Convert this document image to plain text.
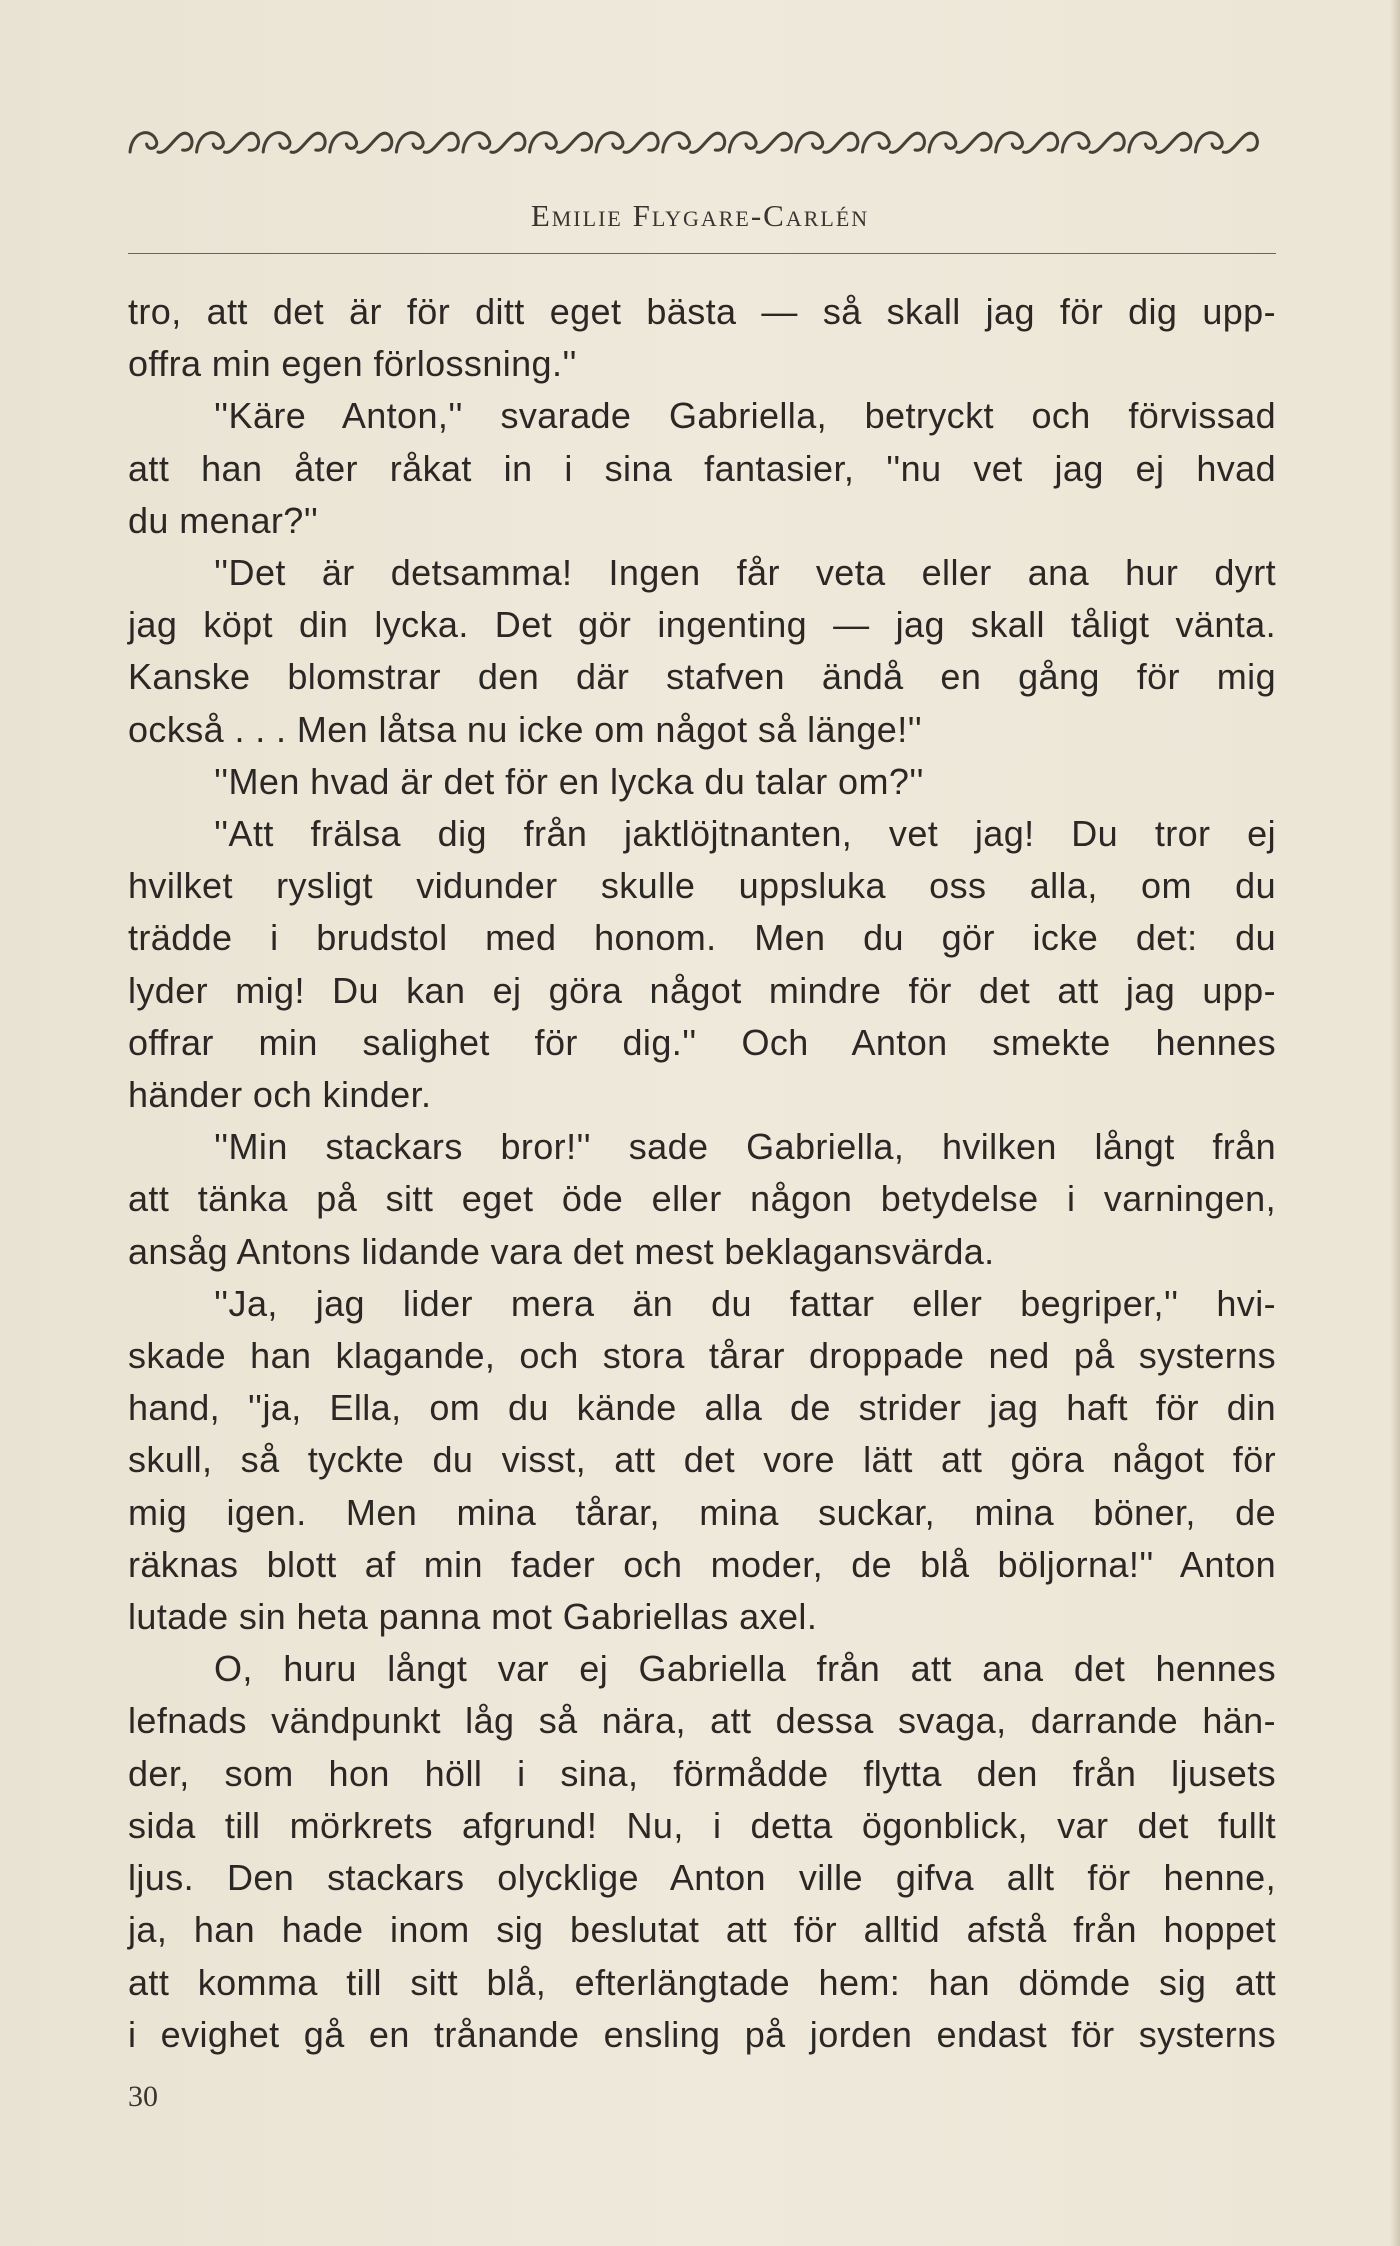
Emilie Flygare-Carlén
tro, att det är för ditt eget bästa — så skall jag för dig upp-
offra min egen förlossning.''
''Käre Anton,'' svarade Gabriella, betryckt och förvissad
att han åter råkat in i sina fantasier, ''nu vet jag ej hvad
du menar?''
''Det är detsamma! Ingen får veta eller ana hur dyrt
jag köpt din lycka. Det gör ingenting — jag skall tåligt vänta.
Kanske blomstrar den där stafven ändå en gång för mig
också . . . Men låtsa nu icke om något så länge!''
''Men hvad är det för en lycka du talar om?''
''Att frälsa dig från jaktlöjtnanten, vet jag! Du tror ej
hvilket rysligt vidunder skulle uppsluka oss alla, om du
trädde i brudstol med honom. Men du gör icke det: du
lyder mig! Du kan ej göra något mindre för det att jag upp-
offrar min salighet för dig.'' Och Anton smekte hennes
händer och kinder.
''Min stackars bror!'' sade Gabriella, hvilken långt från
att tänka på sitt eget öde eller någon betydelse i varningen,
ansåg Antons lidande vara det mest beklagansvärda.
''Ja, jag lider mera än du fattar eller begriper,'' hvi-
skade han klagande, och stora tårar droppade ned på systerns
hand, ''ja, Ella, om du kände alla de strider jag haft för din
skull, så tyckte du visst, att det vore lätt att göra något för
mig igen. Men mina tårar, mina suckar, mina böner, de
räknas blott af min fader och moder, de blå böljorna!'' Anton
lutade sin heta panna mot Gabriellas axel.
O, huru långt var ej Gabriella från att ana det hennes
lefnads vändpunkt låg så nära, att dessa svaga, darrande hän-
der, som hon höll i sina, förmådde flytta den från ljusets
sida till mörkrets afgrund! Nu, i detta ögonblick, var det fullt
ljus. Den stackars olycklige Anton ville gifva allt för henne,
ja, han hade inom sig beslutat att för alltid afstå från hoppet
att komma till sitt blå, efterlängtade hem: han dömde sig att
i evighet gå en trånande ensling på jorden endast för systerns
30
